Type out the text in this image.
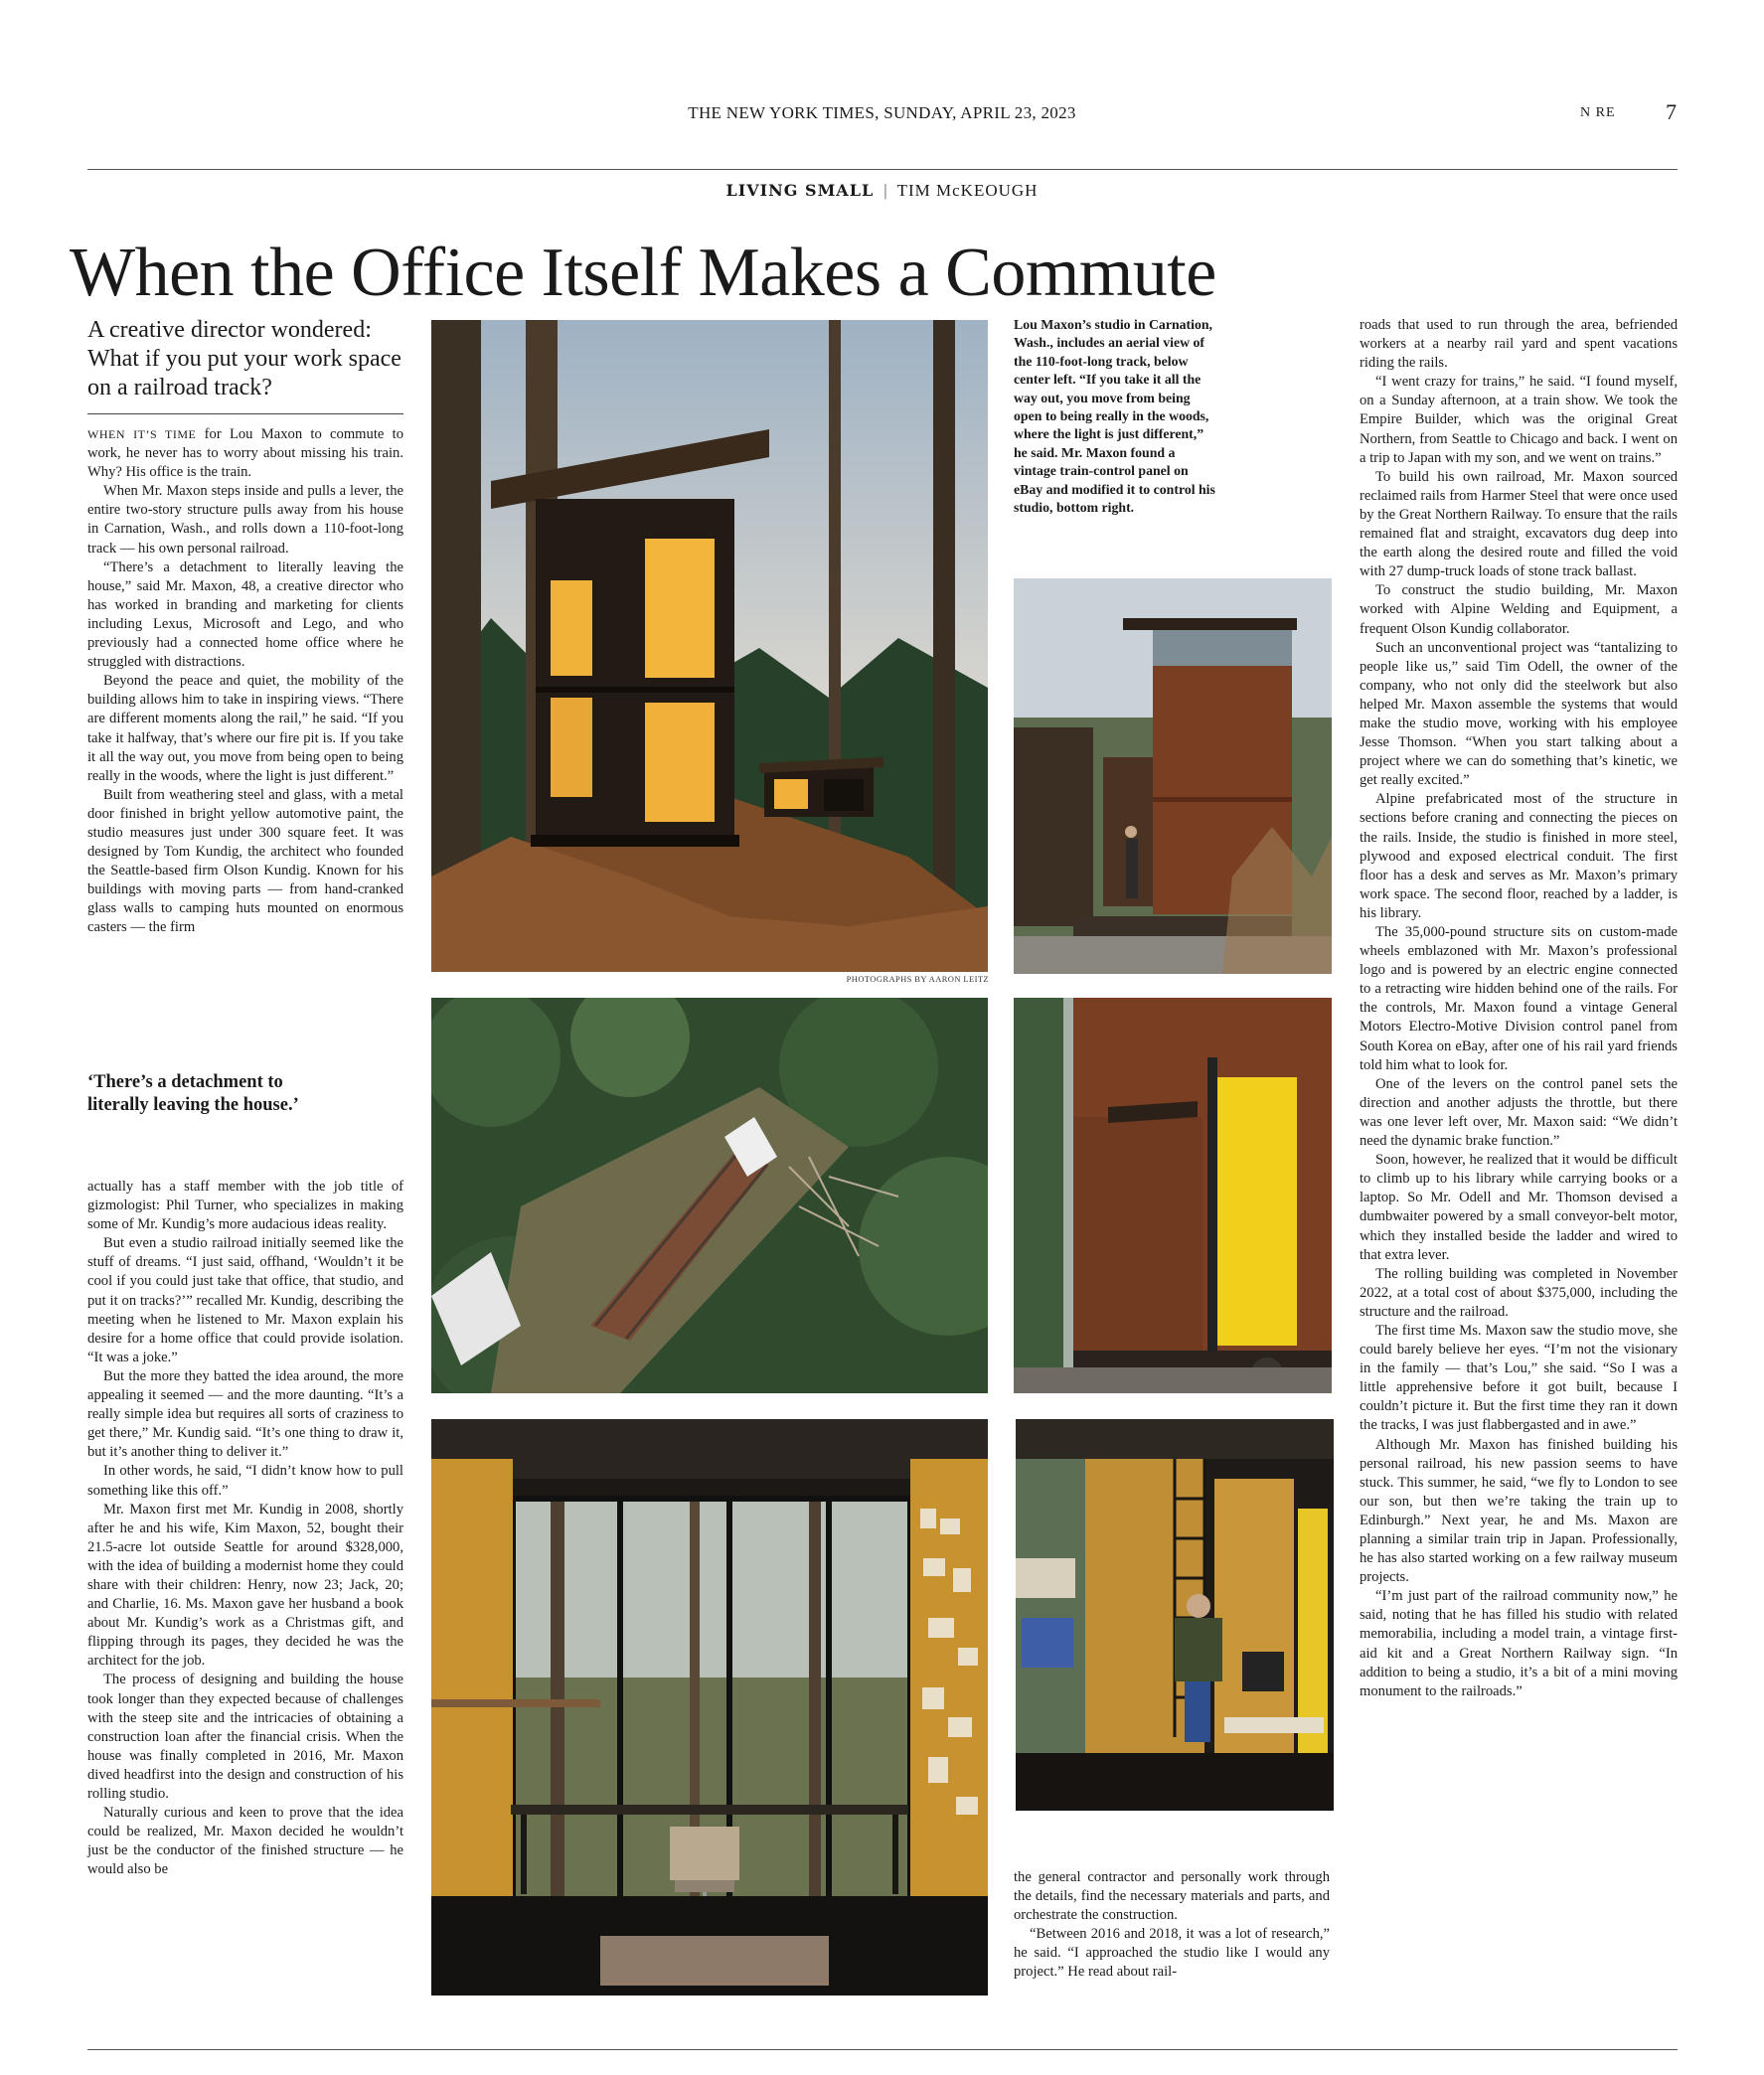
THE NEW YORK TIMES, SUNDAY, APRIL 23, 2023	N RE 7
LIVING SMALL | TIM McKEOUGH
When the Office Itself Makes a Commute
A creative director wondered: What if you put your work space on a railroad track?

WHEN IT’S TIME for Lou Maxon to commute to work, he never has to worry about missing his train. Why? His office is the train.

When Mr. Maxon steps inside and pulls a lever, the entire two-story structure pulls away from his house in Carnation, Wash., and rolls down a 110-foot-long track — his own personal railroad.

“There’s a detachment to literally leaving the house,” said Mr. Maxon, 48, a creative director who has worked in branding and marketing for clients including Lexus, Microsoft and Lego, and who previously had a connected home office where he struggled with distractions.

Beyond the peace and quiet, the mobility of the building allows him to take in inspiring views. “There are different moments along the rail,” he said. “If you take it halfway, that’s where our fire pit is. If you take it all the way out, you move from being open to being really in the woods, where the light is just different.”

Built from weathering steel and glass, with a metal door finished in bright yellow automotive paint, the studio measures just under 300 square feet. It was designed by Tom Kundig, the architect who founded the Seattle-based firm Olson Kundig. Known for his buildings with moving parts — from hand-cranked glass walls to camping huts mounted on enormous casters — the firm

‘There’s a detachment to literally leaving the house.’

actually has a staff member with the job title of gizmologist: Phil Turner, who specializes in making some of Mr. Kundig’s more audacious ideas reality.

But even a studio railroad initially seemed like the stuff of dreams. “I just said, offhand, ‘Wouldn’t it be cool if you could just take that office, that studio, and put it on tracks?’” recalled Mr. Kundig, describing the meeting when he listened to Mr. Maxon explain his desire for a home office that could provide isolation. “It was a joke.”

But the more they batted the idea around, the more appealing it seemed — and the more daunting. “It’s a really simple idea but requires all sorts of craziness to get there,” Mr. Kundig said. “It’s one thing to draw it, but it’s another thing to deliver it.”

In other words, he said, “I didn’t know how to pull something like this off.”

Mr. Maxon first met Mr. Kundig in 2008, shortly after he and his wife, Kim Maxon, 52, bought their 21.5-acre lot outside Seattle for around $328,000, with the idea of building a modernist home they could share with their children: Henry, now 23; Jack, 20; and Charlie, 16. Ms. Maxon gave her husband a book about Mr. Kundig’s work as a Christmas gift, and flipping through its pages, they decided he was the architect for the job.

The process of designing and building the house took longer than they expected because of challenges with the steep site and the intricacies of obtaining a construction loan after the financial crisis. When the house was finally completed in 2016, Mr. Maxon dived headfirst into the design and construction of his rolling studio.

Naturally curious and keen to prove that the idea could be realized, Mr. Maxon decided he wouldn’t just be the conductor of the finished structure — he would also be

Lou Maxon’s studio in Carnation, Wash., includes an aerial view of the 110-foot-long track, below center left. “If you take it all the way out, you move from being open to being really in the woods, where the light is just different,” he said. Mr. Maxon found a vintage train-control panel on eBay and modified it to control his studio, bottom right.
PHOTOGRAPHS BY AARON LEITZ

the general contractor and personally work through the details, find the necessary materials and parts, and orchestrate the construction.

“Between 2016 and 2018, it was a lot of research,” he said. “I approached the studio like I would any project.” He read about rail-

roads that used to run through the area, befriended workers at a nearby rail yard and spent vacations riding the rails.

“I went crazy for trains,” he said. “I found myself, on a Sunday afternoon, at a train show. We took the Empire Builder, which was the original Great Northern, from Seattle to Chicago and back. I went on a trip to Japan with my son, and we went on trains.”

To build his own railroad, Mr. Maxon sourced reclaimed rails from Harmer Steel that were once used by the Great Northern Railway. To ensure that the rails remained flat and straight, excavators dug deep into the earth along the desired route and filled the void with 27 dump-truck loads of stone track ballast.

To construct the studio building, Mr. Maxon worked with Alpine Welding and Equipment, a frequent Olson Kundig collaborator.

Such an unconventional project was “tantalizing to people like us,” said Tim Odell, the owner of the company, who not only did the steelwork but also helped Mr. Maxon assemble the systems that would make the studio move, working with his employee Jesse Thomson. “When you start talking about a project where we can do something that’s kinetic, we get really excited.”

Alpine prefabricated most of the structure in sections before craning and connecting the pieces on the rails. Inside, the studio is finished in more steel, plywood and exposed electrical conduit. The first floor has a desk and serves as Mr. Maxon’s primary work space. The second floor, reached by a ladder, is his library.

The 35,000-pound structure sits on custom-made wheels emblazoned with Mr. Maxon’s professional logo and is powered by an electric engine connected to a retracting wire hidden behind one of the rails. For the controls, Mr. Maxon found a vintage General Motors Electro-Motive Division control panel from South Korea on eBay, after one of his rail yard friends told him what to look for.

One of the levers on the control panel sets the direction and another adjusts the throttle, but there was one lever left over, Mr. Maxon said: “We didn’t need the dynamic brake function.”

Soon, however, he realized that it would be difficult to climb up to his library while carrying books or a laptop. So Mr. Odell and Mr. Thomson devised a dumbwaiter powered by a small conveyor-belt motor, which they installed beside the ladder and wired to that extra lever.

The rolling building was completed in November 2022, at a total cost of about $375,000, including the structure and the railroad.

The first time Ms. Maxon saw the studio move, she could barely believe her eyes. “I’m not the visionary in the family — that’s Lou,” she said. “So I was a little apprehensive before it got built, because I couldn’t picture it. But the first time they ran it down the tracks, I was just flabbergasted and in awe.”

Although Mr. Maxon has finished building his personal railroad, his new passion seems to have stuck. This summer, he said, “we fly to London to see our son, but then we’re taking the train up to Edinburgh.” Next year, he and Ms. Maxon are planning a similar train trip in Japan. Professionally, he has also started working on a few railway museum projects.

“I’m just part of the railroad community now,” he said, noting that he has filled his studio with related memorabilia, including a model train, a vintage first-aid kit and a Great Northern Railway sign. “In addition to being a studio, it’s a bit of a mini moving monument to the railroads.”
